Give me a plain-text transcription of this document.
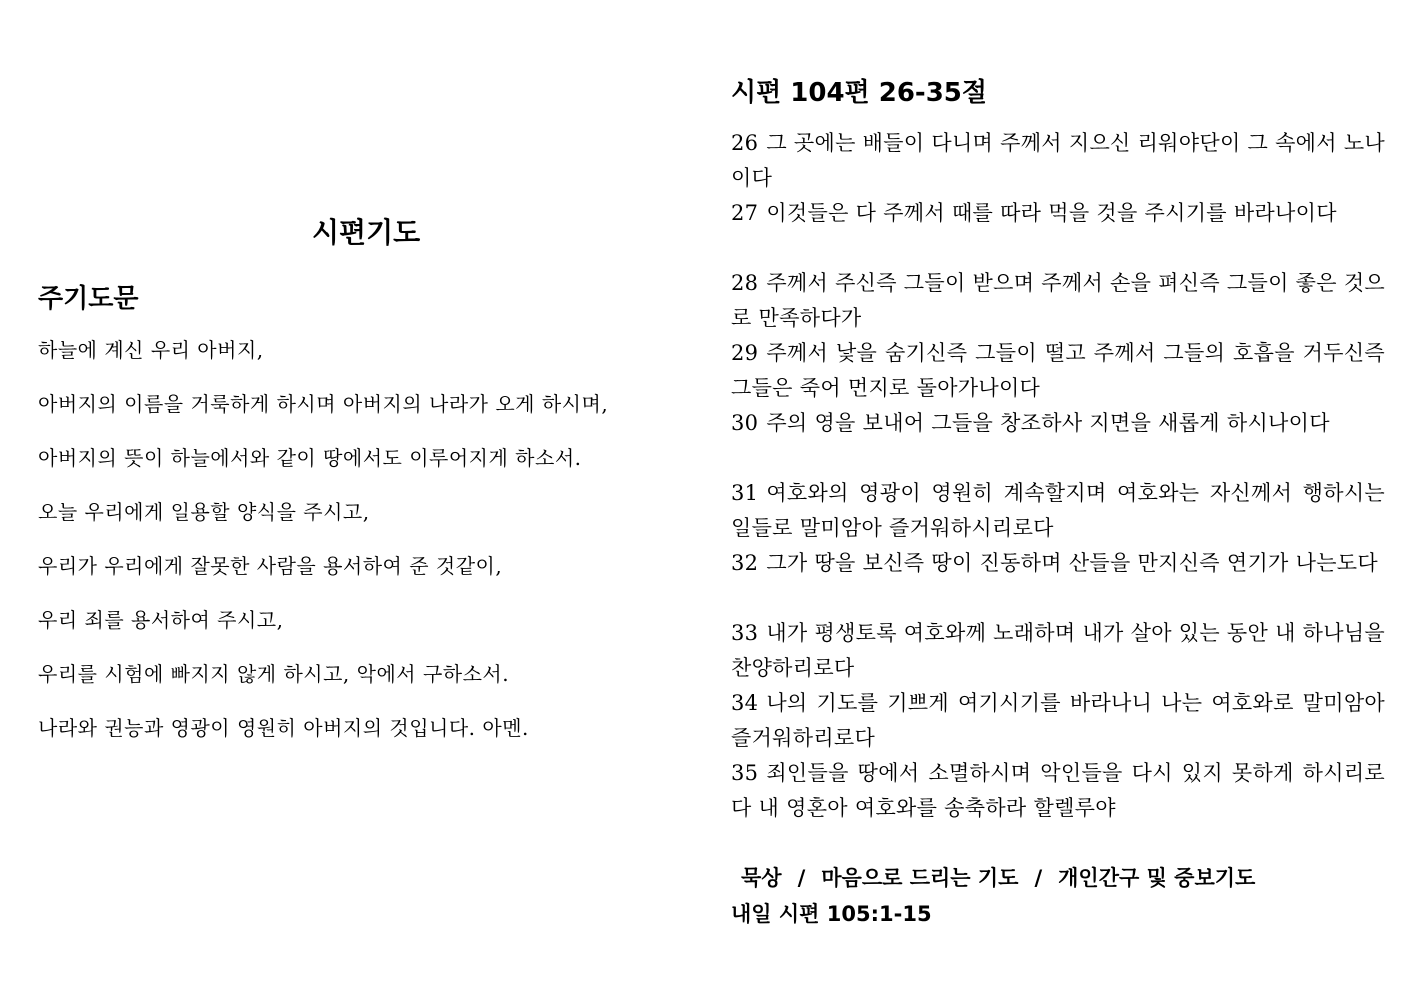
시편기도
주기도문
하늘에 계신 우리 아버지,
아버지의 이름을 거룩하게 하시며 아버지의 나라가 오게 하시며,
아버지의 뜻이 하늘에서와 같이 땅에서도 이루어지게 하소서.
오늘 우리에게 일용할 양식을 주시고,
우리가 우리에게 잘못한 사람을 용서하여 준 것같이,
우리 죄를 용서하여 주시고,
우리를 시험에 빠지지 않게 하시고, 악에서 구하소서.
나라와 권능과 영광이 영원히 아버지의 것입니다. 아멘.
시편 104편 26-35절
26 그 곳에는 배들이 다니며 주께서 지으신 리워야단이 그 속에서 노나이다
27 이것들은 다 주께서 때를 따라 먹을 것을 주시기를 바라나이다
28 주께서 주신즉 그들이 받으며 주께서 손을 펴신즉 그들이 좋은 것으로 만족하다가
29 주께서 낯을 숨기신즉 그들이 떨고 주께서 그들의 호흡을 거두신즉 그들은 죽어 먼지로 돌아가나이다
30 주의 영을 보내어 그들을 창조하사 지면을 새롭게 하시나이다
31 여호와의 영광이 영원히 계속할지며 여호와는 자신께서 행하시는 일들로 말미암아 즐거워하시리로다
32 그가 땅을 보신즉 땅이 진동하며 산들을 만지신즉 연기가 나는도다
33 내가 평생토록 여호와께 노래하며 내가 살아 있는 동안 내 하나님을 찬양하리로다
34 나의 기도를 기쁘게 여기시기를 바라나니 나는 여호와로 말미암아 즐거워하리로다
35 죄인들을 땅에서 소멸하시며 악인들을 다시 있지 못하게 하시리로다 내 영혼아 여호와를 송축하라 할렐루야
묵상 / 마음으로 드리는 기도 / 개인간구 및 중보기도
내일 시편 105:1-15
